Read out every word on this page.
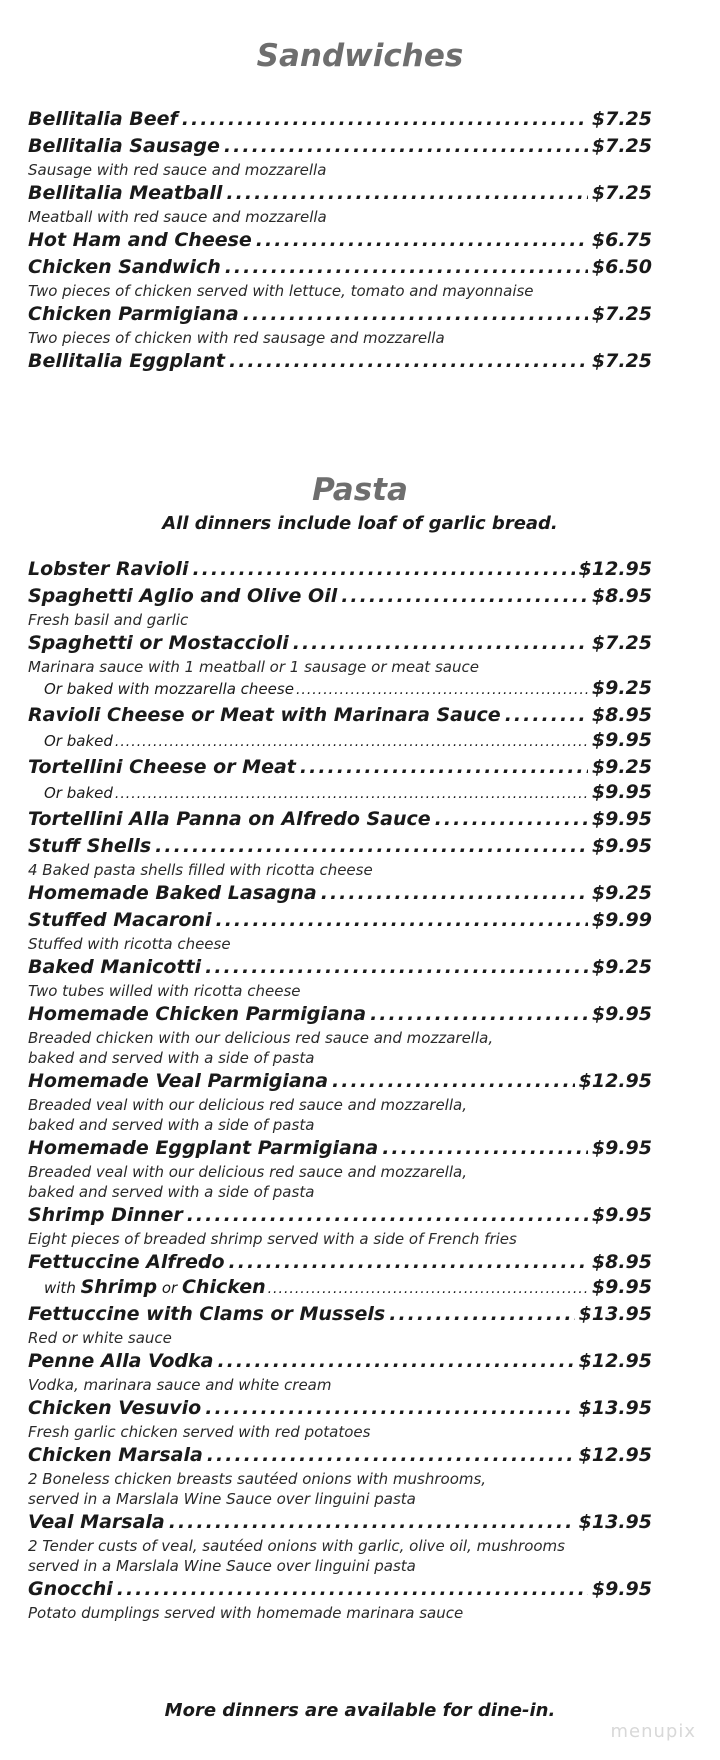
Sandwiches
Bellitalia Beef .....	$7.25
Bellitalia Sausage .....	$7.25
Sausage with red sauce and mozzarella
Bellitalia Meatball .....	$7.25
Meatball with red sauce and mozzarella
Hot Ham and Cheese .....	$6.75
Chicken Sandwich .....	$6.50
Two pieces of chicken served with lettuce, tomato and mayonnaise
Chicken Parmigiana .....	$7.25
Two pieces of chicken with red sausage and mozzarella
Bellitalia Eggplant .....	$7.25
Pasta
All dinners include loaf of garlic bread.
Lobster Ravioli .....	$12.95
Spaghetti Aglio and Olive Oil .....	$8.95
Fresh basil and garlic
Spaghetti or Mostaccioli .....	$7.25
Marinara sauce with 1 meatball or 1 sausage or meat sauce
Or baked with mozzarella cheese .....	$9.25
Ravioli Cheese or Meat with Marinara Sauce .....	$8.95
Or baked .....	$9.95
Tortellini Cheese or Meat .....	$9.25
Or baked .....	$9.95
Tortellini Alla Panna on Alfredo Sauce .....	$9.95
Stuff Shells .....	$9.95
4 Baked pasta shells filled with ricotta cheese
Homemade Baked Lasagna .....	$9.25
Stuffed Macaroni .....	$9.99
Stuffed with ricotta cheese
Baked Manicotti .....	$9.25
Two tubes willed with ricotta cheese
Homemade Chicken Parmigiana .....	$9.95
Breaded chicken with our delicious red sauce and mozzarella,
baked and served with a side of pasta
Homemade Veal Parmigiana .....	$12.95
Breaded veal with our delicious red sauce and mozzarella,
baked and served with a side of pasta
Homemade Eggplant Parmigiana .....	$9.95
Breaded veal with our delicious red sauce and mozzarella,
baked and served with a side of pasta
Shrimp Dinner .....	$9.95
Eight pieces of breaded shrimp served with a side of French fries
Fettuccine Alfredo .....	$8.95
with Shrimp or Chicken .....	$9.95
Fettuccine with Clams or Mussels .....	$13.95
Red or white sauce
Penne Alla Vodka .....	$12.95
Vodka, marinara sauce and white cream
Chicken Vesuvio .....	$13.95
Fresh garlic chicken served with red potatoes
Chicken Marsala .....	$12.95
2 Boneless chicken breasts sautéed onions with mushrooms,
served in a Marslala Wine Sauce over linguini pasta
Veal Marsala .....	$13.95
2 Tender custs of veal, sautéed onions with garlic, olive oil, mushrooms
served in a Marslala Wine Sauce over linguini pasta
Gnocchi .....	$9.95
Potato dumplings served with homemade marinara sauce
More dinners are available for dine-in.
menupix
